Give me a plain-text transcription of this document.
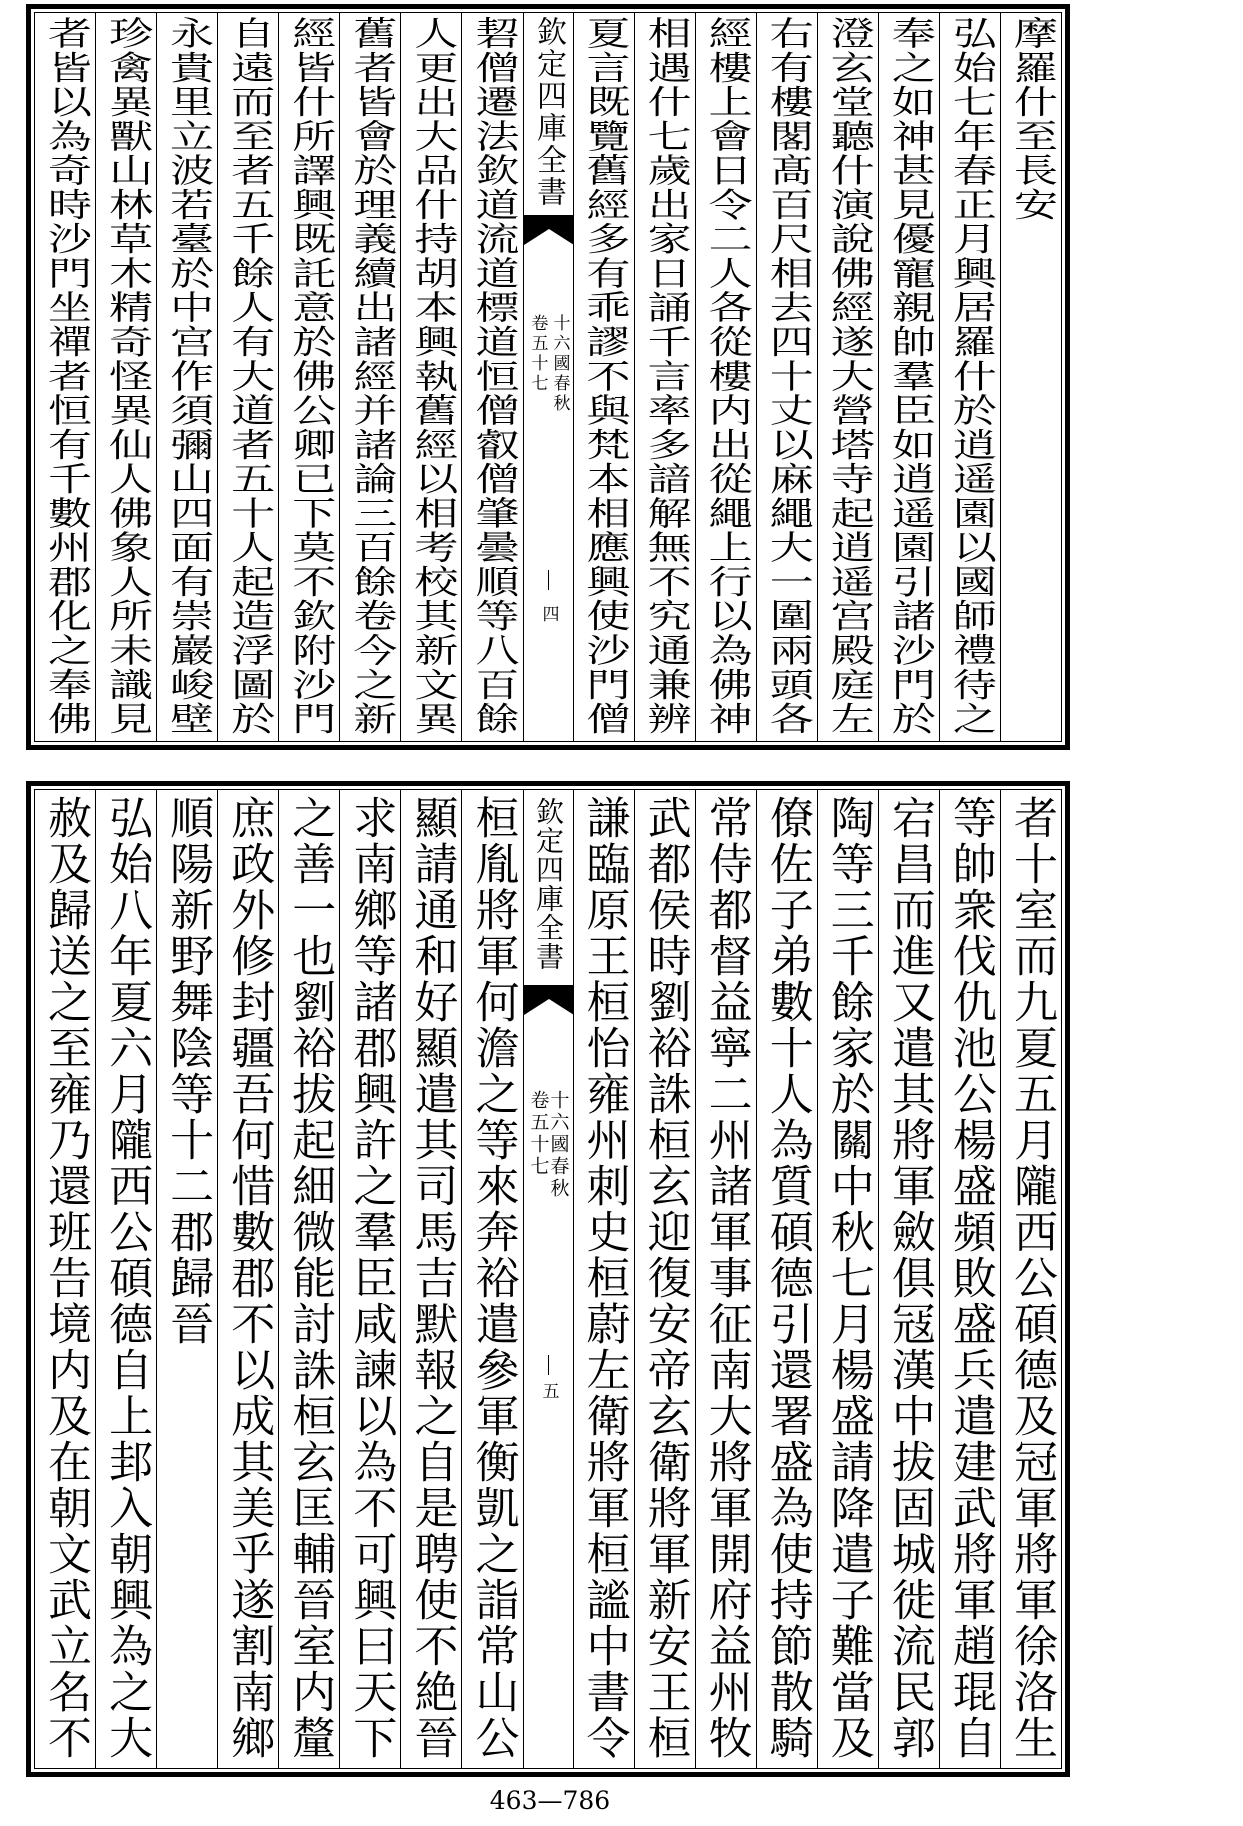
摩羅什至長安
弘始七年春正月興居羅什於逍遥園以國師禮待之
奉之如神甚見優寵親帥羣臣如逍遥園引諸沙門於
澄玄堂聽什演說佛經遂大營塔寺起逍遥宫殿庭左
右有樓閣髙百尺相去四十丈以麻繩大一圍兩頭各
經樓上會日令二人各從樓内出從繩上行以為佛神
相遇什七歲出家日誦千言率多諳解無不究通兼辨
夏言既覽舊經多有乖謬不與梵本相應興使沙門僧
欽定四庫全書
十六國春秋
卷五十七
四
䂮僧遷法欽道流道標道恒僧叡僧肇曇順等八百餘
人更出大品什持胡本興執舊經以相考校其新文異
舊者皆會於理義續出諸經并諸論三百餘卷今之新
經皆什所譯興既託意於佛公卿已下莫不欽附沙門
自遠而至者五千餘人有大道者五十人起造浮圖於
永貴里立波若臺於中宫作須彌山四面有崇巖峻壁
珍禽異獸山林草木精奇怪異仙人佛象人所未識見
者皆以為奇時沙門坐禪者恒有千數州郡化之奉佛
者十室而九夏五月隴西公碩德及冠軍將軍徐洛生
等帥衆伐仇池公楊盛頻敗盛兵遣建武將軍趙琨自
宕昌而進又遣其將軍斂俱冦漢中拔固城徙流民郭
陶等三千餘家於關中秋七月楊盛請降遣子難當及
僚佐子弟數十人為質碩德引還署盛為使持節散騎
常侍都督益寧二州諸軍事征南大將軍開府益州牧
武都侯時劉裕誅桓玄迎復安帝玄衛將軍新安王桓
謙臨原王桓怡雍州刺史桓蔚左衛將軍桓謐中書令
欽定四庫全書
十六國春秋
卷五十七
五
桓胤將軍何澹之等來奔裕遣參軍衡凱之詣常山公
顯請通和好顯遣其司馬吉默報之自是聘使不絶晉
求南鄉等諸郡興許之羣臣咸諫以為不可興曰天下
之善一也劉裕拔起細微能討誅桓玄匡輔晉室内釐
庶政外修封疆吾何惜數郡不以成其美乎遂割南鄉
順陽新野舞陰等十二郡歸晉
弘始八年夏六月隴西公碩德自上邽入朝興為之大
赦及歸送之至雍乃還班告境内及在朝文武立名不
463—786
